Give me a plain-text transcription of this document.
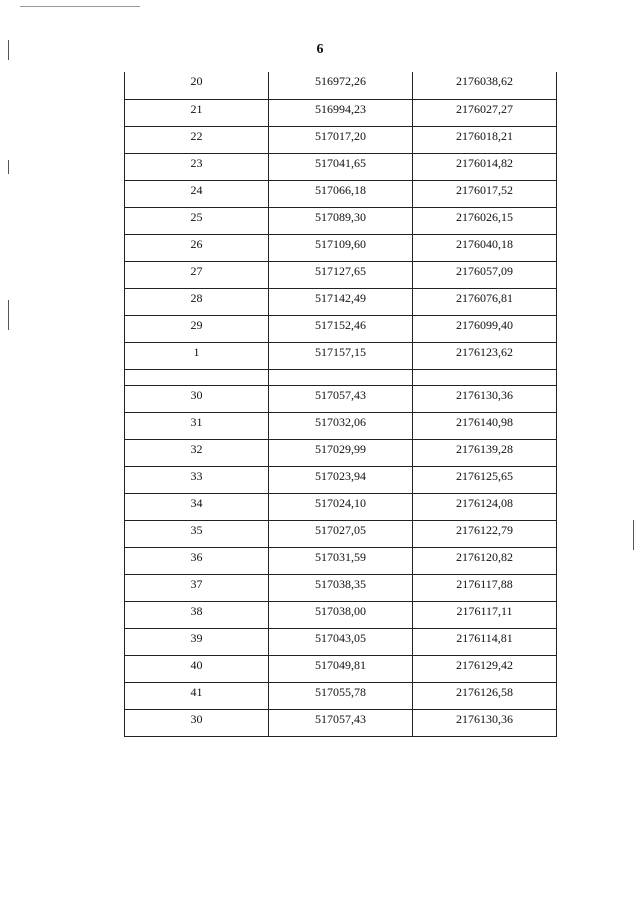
6
20	516972,26	2176038,62
21	516994,23	2176027,27
22	517017,20	2176018,21
23	517041,65	2176014,82
24	517066,18	2176017,52
25	517089,30	2176026,15
26	517109,60	2176040,18
27	517127,65	2176057,09
28	517142,49	2176076,81
29	517152,46	2176099,40
1	517157,15	2176123,62

30	517057,43	2176130,36
31	517032,06	2176140,98
32	517029,99	2176139,28
33	517023,94	2176125,65
34	517024,10	2176124,08
35	517027,05	2176122,79
36	517031,59	2176120,82
37	517038,35	2176117,88
38	517038,00	2176117,11
39	517043,05	2176114,81
40	517049,81	2176129,42
41	517055,78	2176126,58
30	517057,43	2176130,36
